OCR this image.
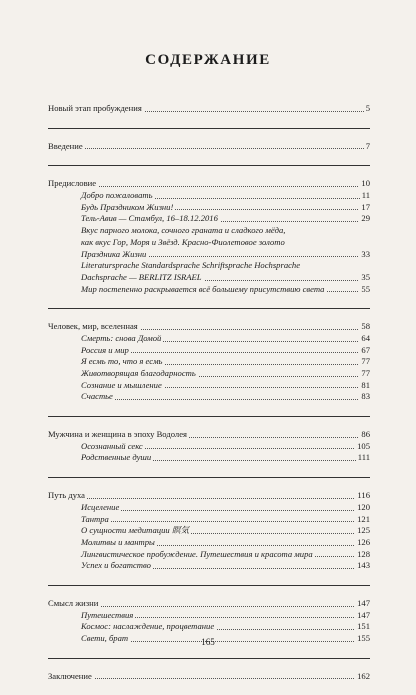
СОДЕРЖАНИЕ
Новый этап пробуждения	5
Введение	7
Предисловие	10
Добро пожаловать	11
Будь Праздником Жизни!	17
Тель-Авив — Стамбул, 16–18.12.2016	29
Вкус парного молока, сочного граната и сладкого мёда,
как вкус Гор, Моря и Звёзд. Красно-Фиолетовое золото
Праздника Жизни	33
Literatursprache Standardsprache Schriftsprache Hochsprache
Dachsprache — BERLITZ ISRAEL	35
Мир постепенно раскрывается всё большему присутствию света	55
Человек, мир, вселенная	58
Смерть: снова Домой	64
Россия и мир	67
Я есмь то, что я есмь	77
Животворящая благодарность	77
Сознание и мышление	81
Счастье	83
Мужчина и женщина в эпоху Водолея	86
Осознанный секс	105
Родственные души	111
Путь духа	116
Исцеление	120
Тантра	121
О сущности медитации 瞑気	125
Молитвы и мантры	126
Лингвистическое пробуждение. Путешествия и красота мира	128
Успех и богатство	143
Смысл жизни	147
Путешествия	147
Космос: наслаждение, процветание	151
Свети, брат	155
Заключение	162
165
